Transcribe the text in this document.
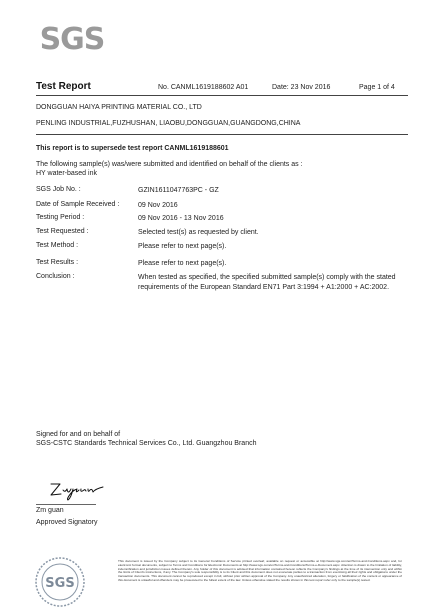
SGS
Test Report	No. CANML1619188602 A01	Date: 23 Nov 2016	Page 1 of 4
DONGGUAN HAIYA PRINTING MATERIAL CO., LTD
PENLING INDUSTRIAL,FUZHUSHAN, LIAOBU,DONGGUAN,GUANGDONG,CHINA
This report is to supersede test report CANML1619188601
The following sample(s) was/were submitted and identified on behalf of the clients as :
HY water-based ink
SGS Job No. :	GZIN1611047763PC - GZ
Date of Sample Received :	09 Nov 2016
Testing Period :	09 Nov 2016 - 13 Nov 2016
Test Requested :	Selected test(s) as requested by client.
Test Method :	Please refer to next page(s).
Test Results :	Please refer to next page(s).
Conclusion :	When tested as specified, the specified submitted sample(s) comply with the stated requirements of the European Standard EN71 Part 3:1994 + A1:2000 + AC:2002.
Signed for and on behalf of
SGS-CSTC Standards Technical Services Co., Ltd. Guangzhou Branch
Zm guan
Approved Signatory
SGS
This document is issued by the Company subject to its General Conditions of Service printed overleaf, available on request or accessible at http://www.sgs.com/en/Terms-and-Conditions.aspx and, for electronic format documents, subject to Terms and Conditions for Electronic Documents at http://www.sgs.com/en/Terms-and-Conditions/Terms-e-Document.aspx. Attention is drawn to the limitation of liability, indemnification and jurisdiction issues defined therein. Any holder of this document is advised that information contained hereon reflects the Company's findings at the time of its intervention only and within the limits of Client's instructions, if any. The Company's sole responsibility is to its Client and this document does not exonerate parties to a transaction from exercising all their rights and obligations under the transaction documents. This document cannot be reproduced except in full, without prior written approval of the Company. Any unauthorized alteration, forgery or falsification of the content or appearance of this document is unlawful and offenders may be prosecuted to the fullest extent of the law. Unless otherwise stated the results shown in this test report refer only to the sample(s) tested.
